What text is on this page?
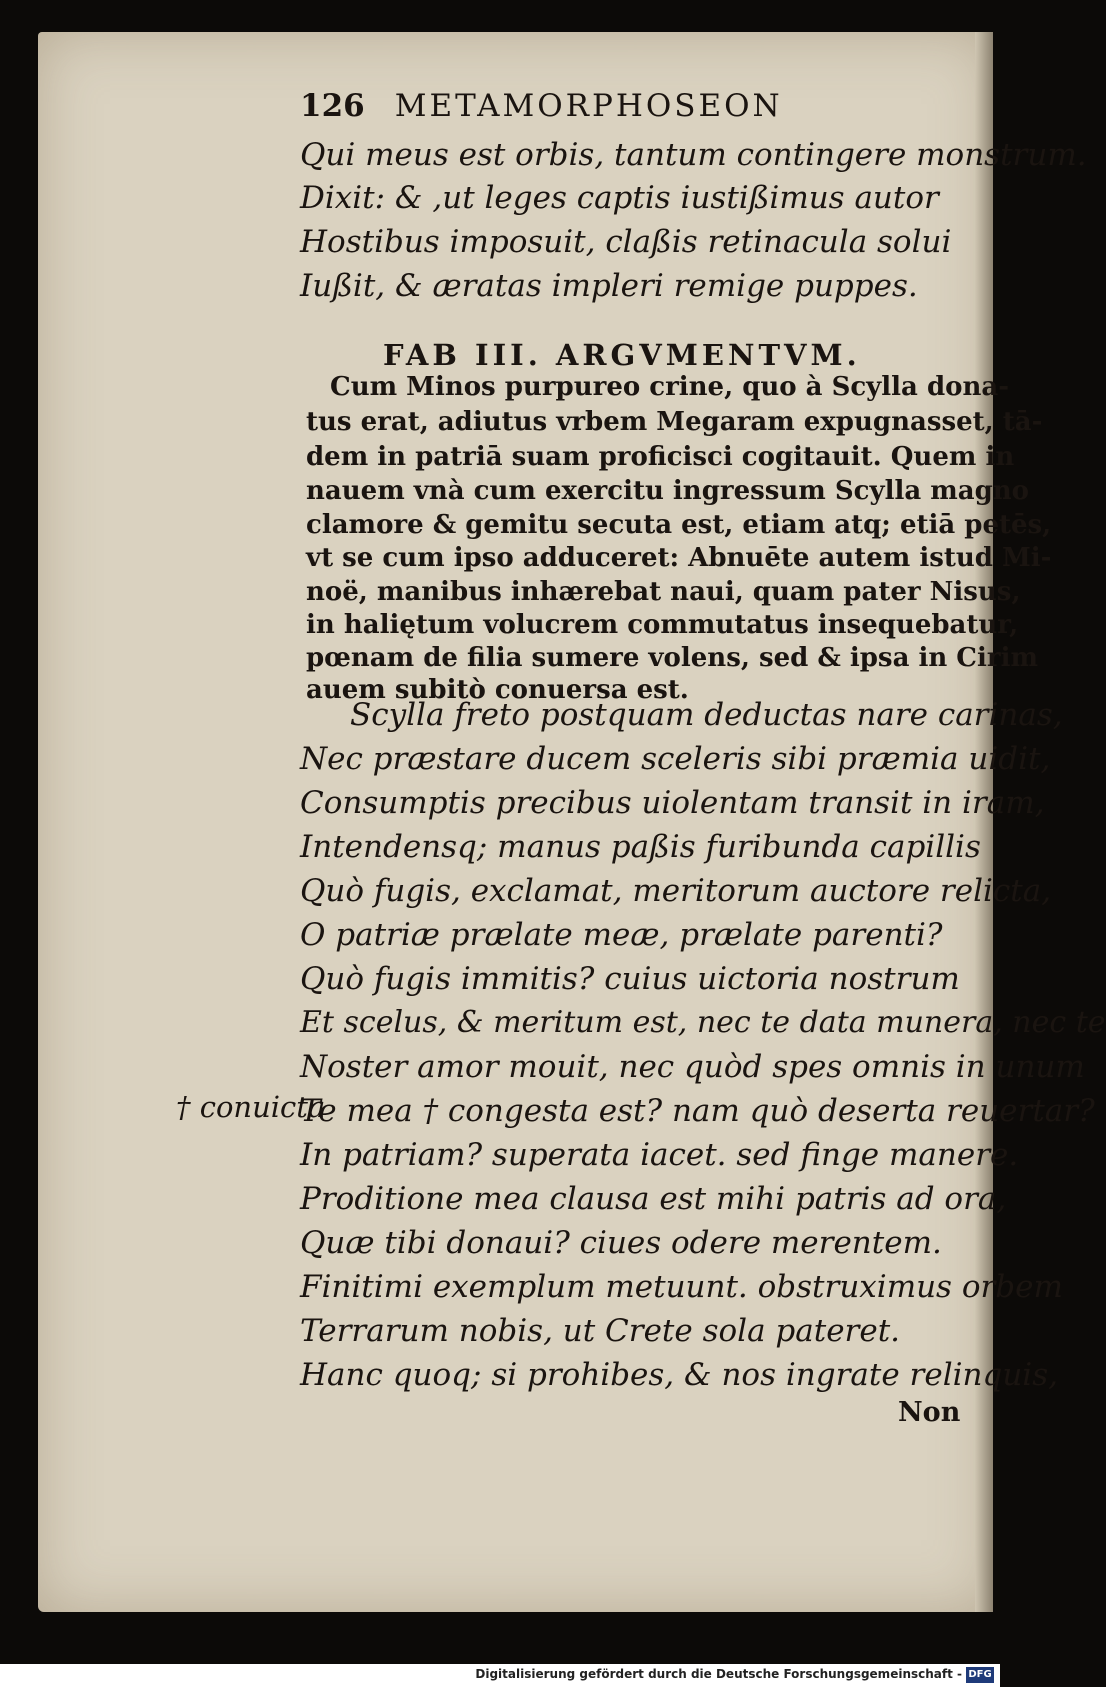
126 METAMORPHOSEON
Qui meus est orbis, tantum contingere monstrum.
Dixit: & ,ut leges captis iustißimus autor
Hostibus imposuit, claßis retinacula solui
Iußit, & æratas impleri remige puppes.
FAB III. ARGVMENTVM.
Cum Minos purpureo crine, quo à Scylla dona-
tus erat, adiutus vrbem Megaram expugnasset, tā-
dem in patriā suam proficisci cogitauit. Quem in
nauem vnà cum exercitu ingressum Scylla magno
clamore & gemitu secuta est, etiam atq; etiā petēs,
vt se cum ipso adduceret: Abnuēte autem istud Mi-
noë, manibus inhærebat naui, quam pater Nisus,
in haliętum volucrem commutatus insequebatur,
pœnam de filia sumere volens, sed & ipsa in Cirim
auem subitò conuersa est.
Scylla freto postquam deductas nare carinas,
Nec præstare ducem sceleris sibi præmia uidit,
Consumptis precibus uiolentam transit in iram,
Intendensq; manus paßis furibunda capillis
Quò fugis, exclamat, meritorum auctore relicta,
O patriæ prælate meæ, prælate parenti?
Quò fugis immitis? cuius uictoria nostrum
Et scelus, & meritum est, nec te data munera, nec te
Noster amor mouit, nec quòd spes omnis in unum
Te mea † congesta est? nam quò deserta reuertar?
In patriam? superata iacet. sed finge manere.
Proditione mea clausa est mihi patris ad ora,
Quæ tibi donaui? ciues odere merentem.
Finitimi exemplum metuunt. obstruximus orbem
Terrarum nobis, ut Crete sola pateret.
Hanc quoq; si prohibes, & nos ingrate relinquis,
† conuicta
Non
Digitalisierung gefördert durch die Deutsche Forschungsgemeinschaft - DFG
